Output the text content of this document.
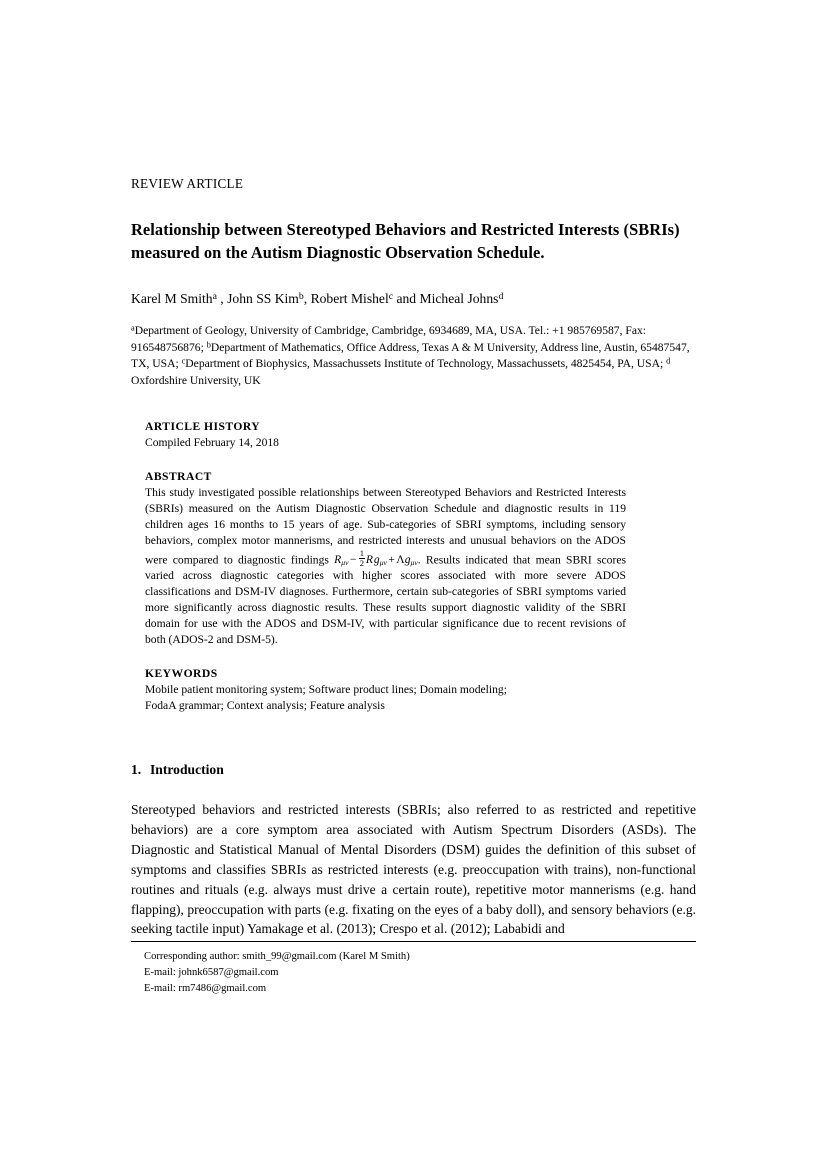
REVIEW ARTICLE
Relationship between Stereotyped Behaviors and Restricted Interests (SBRIs) measured on the Autism Diagnostic Observation Schedule.
Karel M Smith$^a$ , John SS Kim$^b$, Robert Mishel$^c$ and Micheal Johns$^d$
$^a$Department of Geology, University of Cambridge, Cambridge, 6934689, MA, USA. Tel.: +1 985769587, Fax: 916548756876; $^b$Department of Mathematics, Office Address, Texas A & M University, Address line, Austin, 65487547, TX, USA; $^c$Department of Biophysics, Massachussets Institute of Technology, Massachussets, 4825454, PA, USA; $^d$ Oxfordshire University, UK
ARTICLE HISTORY
Compiled February 14, 2018
ABSTRACT

This study investigated possible relationships between Stereotyped Behaviors and Restricted Interests (SBRIs) measured on the Autism Diagnostic Observation Schedule and diagnostic results in 119 children ages 16 months to 15 years of age. Sub-categories of SBRI symptoms, including sensory behaviors, complex motor mannerisms, and restricted interests and unusual behaviors on the ADOS were compared to diagnostic findings $R_{\mu\nu}- \frac{1}{2}$ R $g_{\mu\nu}+\Lambda g_{\mu\nu}$. Results indicated that mean SBRI scores varied across diagnostic categories with higher scores associated with more severe ADOS classifications and DSM-IV diagnoses. Furthermore, certain sub-categories of SBRI symptoms varied more significantly across diagnostic results. These results support diagnostic validity of the SBRI domain for use with the ADOS and DSM-IV, with particular significance due to recent revisions of both (ADOS-2 and DSM-5).

KEYWORDS
Mobile patient monitoring system; Software product lines; Domain modeling;
FodaA grammar; Context analysis; Feature analysis
1. Introduction

Stereotyped behaviors and restricted interests (SBRIs; also referred to as restricted and repetitive behaviors) are a core symptom area associated with Autism Spectrum Disorders (ASDs). The Diagnostic and Statistical Manual of Mental Disorders (DSM) guides the definition of this subset of symptoms and classifies SBRIs as restricted interests (e.g. preoccupation with trains), non-functional routines and rituals (e.g. always must drive a certain route), repetitive motor mannerisms (e.g. hand flapping), preoccupation with parts (e.g. fixating on the eyes of a baby doll), and sensory behaviors (e.g. seeking tactile input) Yamakage et al. (2013); Crespo et al. (2012); Lababidi and

Corresponding author: smith_99@gmail.com (Karel M Smith)
E-mail: johnk6587@gmail.com
E-mail: rm7486@gmail.com
